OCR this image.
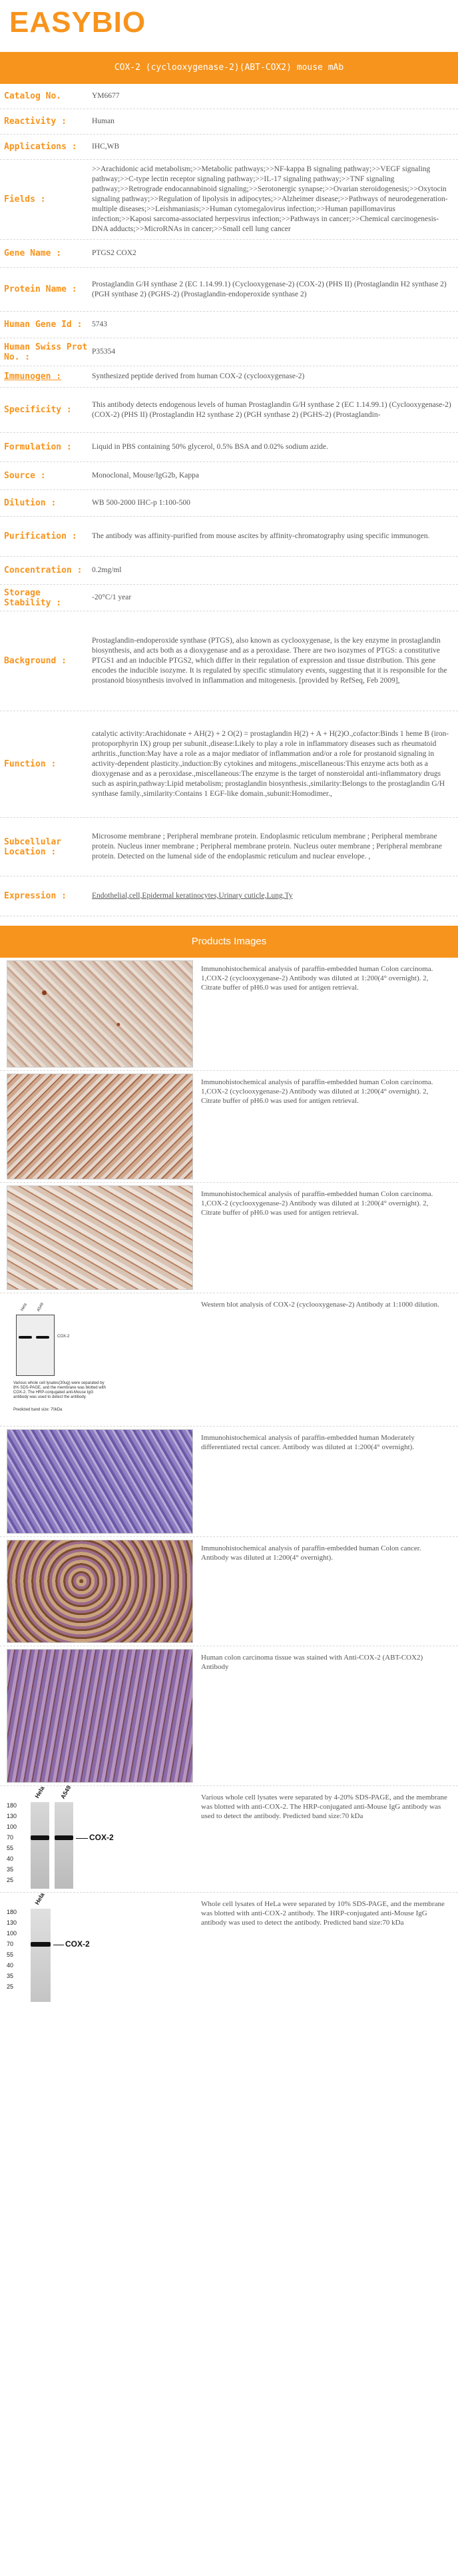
EASYBIO
COX-2 (cyclooxygenase-2)(ABT-COX2) mouse mAb
Catalog No.	YM6677
Reactivity :	Human
Applications :	IHC,WB
Fields :
>>Arachidonic acid metabolism;>>Metabolic pathways;>>NF-kappa B signaling pathway;>>VEGF signaling pathway;>>C-type lectin receptor signaling pathway;>>IL-17 signaling pathway;>>TNF signaling pathway;>>Retrograde endocannabinoid signaling;>>Serotonergic synapse;>>Ovarian steroidogenesis;>>Oxytocin signaling pathway;>>Regulation of lipolysis in adipocytes;>>Alzheimer disease;>>Pathways of neurodegeneration-multiple diseases;>>Leishmaniasis;>>Human cytomegalovirus infection;>>Human papillomavirus infection;>>Kaposi sarcoma-associated herpesvirus infection;>>Pathways in cancer;>>Chemical carcinogenesis-DNA adducts;>>MicroRNAs in cancer;>>Small cell lung cancer
Gene Name :	PTGS2 COX2
Protein Name :
Prostaglandin G/H synthase 2 (EC 1.14.99.1) (Cyclooxygenase-2) (COX-2) (PHS II) (Prostaglandin H2 synthase 2) (PGH synthase 2) (PGHS-2) (Prostaglandin-endoperoxide synthase 2)
Human Gene Id :	5743
Human Swiss Prot No. :
P35354
Immunogen :	Synthesized peptide derived from human COX-2 (cyclooxygenase-2)
Specificity :
This antibody detects endogenous levels of human Prostaglandin G/H synthase 2 (EC 1.14.99.1) (Cyclooxygenase-2) (COX-2) (PHS II) (Prostaglandin H2 synthase 2) (PGH synthase 2) (PGHS-2) (Prostaglandin-
Formulation :	Liquid in PBS containing 50% glycerol, 0.5% BSA and 0.02% sodium azide.
Source :	Monoclonal, Mouse/IgG2b, Kappa
Dilution :	WB 500-2000 IHC-p 1:100-500
Purification :	The antibody was affinity-purified from mouse ascites by affinity-chromatography using specific immunogen.
Concentration :	0.2mg/ml
Storage Stability :
-20°C/1 year
Background :
Prostaglandin-endoperoxide synthase (PTGS), also known as cyclooxygenase, is the key enzyme in prostaglandin biosynthesis, and acts both as a dioxygenase and as a peroxidase. There are two isozymes of PTGS: a constitutive PTGS1 and an inducible PTGS2, which differ in their regulation of expression and tissue distribution. This gene encodes the inducible isozyme. It is regulated by specific stimulatory events, suggesting that it is responsible for the prostanoid biosynthesis involved in inflammation and mitogenesis. [provided by RefSeq, Feb 2009],
Function :
catalytic activity:Arachidonate + AH(2) + 2 O(2) = prostaglandin H(2) + A + H(2)O.,cofactor:Binds 1 heme B (iron-protoporphyrin IX) group per subunit.,disease:Likely to play a role in inflammatory diseases such as rheumatoid arthritis.,function:May have a role as a major mediator of inflammation and/or a role for prostanoid signaling in activity-dependent plasticity.,induction:By cytokines and mitogens.,miscellaneous:This enzyme acts both as a dioxygenase and as a peroxidase.,miscellaneous:The enzyme is the target of nonsteroidal anti-inflammatory drugs such as aspirin,pathway:Lipid metabolism; prostaglandin biosynthesis.,similarity:Belongs to the prostaglandin G/H synthase family.,similarity:Contains 1 EGF-like domain.,subunit:Homodimer.,
Subcellular Location :
Microsome membrane ; Peripheral membrane protein. Endoplasmic reticulum membrane ; Peripheral membrane protein. Nucleus inner membrane ; Peripheral membrane protein. Nucleus outer membrane ; Peripheral membrane protein. Detected on the lumenal side of the endoplasmic reticulum and nuclear envelope. ,
Expression :	Endothelial,cell,Epidermal keratinocytes,Urinary cuticle,Lung,Ty
Products Images
Immunohistochemical analysis of paraffin-embedded human Colon carcinoma. 1,COX-2 (cyclooxygenase-2) Antibody was diluted at 1:200(4° overnight). 2, Citrate buffer of pH6.0 was used for antigen retrieval.
Immunohistochemical analysis of paraffin-embedded human Colon carcinoma. 1,COX-2 (cyclooxygenase-2) Antibody was diluted at 1:200(4° overnight). 2, Citrate buffer of pH6.0 was used for antigen retrieval.
Immunohistochemical analysis of paraffin-embedded human Colon carcinoma. 1,COX-2 (cyclooxygenase-2) Antibody was diluted at 1:200(4° overnight). 2, Citrate buffer of pH6.0 was used for antigen retrieval.
Hela A549
COX-2
Various whole cell lysates(30ug) were separated by 8% SDS-PAGE, and the membrane was blotted with COX-2. The HRP-conjugated anti-Mouse IgG antibody was used to detect the antibody.
Predicted band size: 70kDa
Western blot analysis of COX-2 (cyclooxygenase-2) Antibody at 1:1000 dilution.
Immunohistochemical analysis of paraffin-embedded human Moderately differentiated rectal cancer. Antibody was diluted at 1:200(4° overnight).
Immunohistochemical analysis of paraffin-embedded human Colon cancer. Antibody was diluted at 1:200(4° overnight).
Human colon carcinoma tissue was stained with Anti-COX-2 (ABT-COX2) Antibody
Hela A549
180
130
100
70
55
40
35
25
COX-2
Various whole cell lysates were separated by 4-20% SDS-PAGE, and the membrane was blotted with anti-COX-2. The HRP-conjugated anti-Mouse IgG antibody was used to detect the antibody. Predicted band size:70 kDa
Hela
180
130
100
70
55
40
35
25
COX-2
Whole cell lysates of HeLa were separated by 10% SDS-PAGE, and the membrane was blotted with anti-COX-2 antibody. The HRP-conjugated anti-Mouse IgG antibody was used to detect the antibody. Predicted band size:70 kDa
